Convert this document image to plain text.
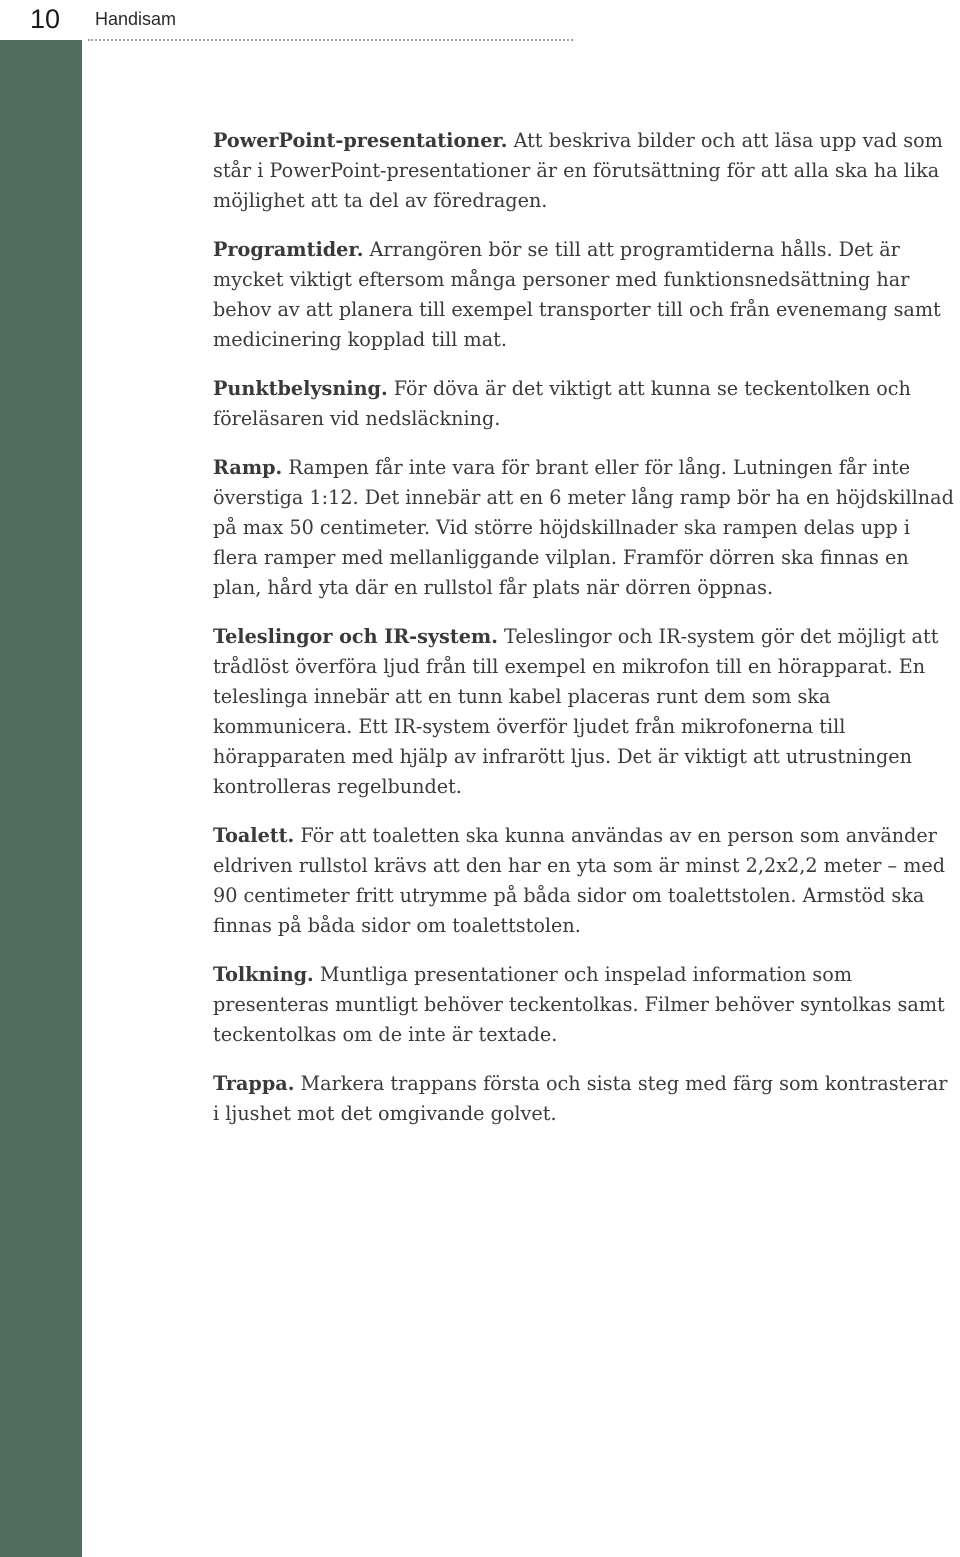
10	Handisam

PowerPoint-presentationer. Att beskriva bilder och att läsa upp vad som står i PowerPoint-presentationer är en förutsättning för att alla ska ha lika möjlighet att ta del av föredragen.

Programtider. Arrangören bör se till att programtiderna hålls. Det är mycket viktigt eftersom många personer med funktionsnedsättning har behov av att planera till exempel transporter till och från evenemang samt medicinering kopplad till mat.

Punktbelysning. För döva är det viktigt att kunna se teckentolken och föreläsaren vid nedsläckning.

Ramp. Rampen får inte vara för brant eller för lång. Lutningen får inte överstiga 1:12. Det innebär att en 6 meter lång ramp bör ha en höjdskillnad på max 50 centimeter. Vid större höjdskillnader ska rampen delas upp i flera ramper med mellanliggande vilplan. Framför dörren ska finnas en plan, hård yta där en rullstol får plats när dörren öppnas.

Teleslingor och IR-system. Teleslingor och IR-system gör det möjligt att trådlöst överföra ljud från till exempel en mikrofon till en hörapparat. En teleslinga innebär att en tunn kabel placeras runt dem som ska kommunicera. Ett IR-system överför ljudet från mikrofonerna till hörapparaten med hjälp av infrarött ljus. Det är viktigt att utrustningen kontrolleras regelbundet.

Toalett. För att toaletten ska kunna användas av en person som använder eldriven rullstol krävs att den har en yta som är minst 2,2x2,2 meter – med 90 centimeter fritt utrymme på båda sidor om toalettstolen. Armstöd ska finnas på båda sidor om toalettstolen.

Tolkning. Muntliga presentationer och inspelad information som presenteras muntligt behöver teckentolkas. Filmer behöver syntolkas samt teckentolkas om de inte är textade.

Trappa. Markera trappans första och sista steg med färg som kontrasterar i ljushet mot det omgivande golvet.
